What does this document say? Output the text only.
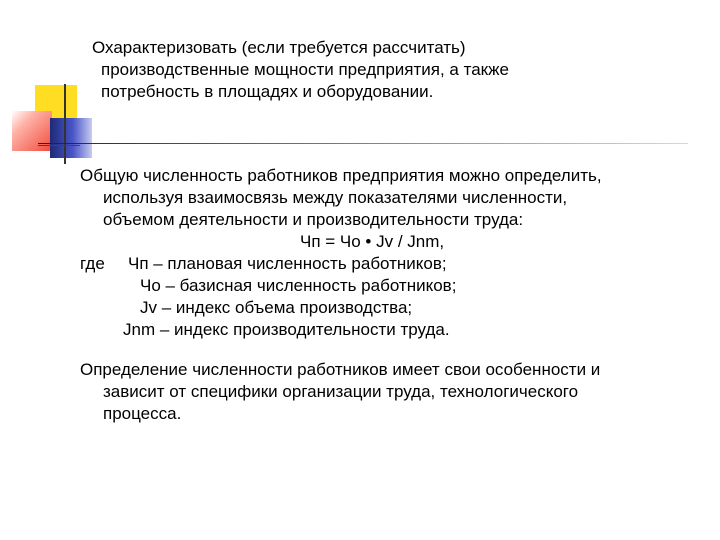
Охарактеризовать (если требуется рассчитать)
производственные мощности предприятия, а также
потребность в площадях и оборудовании.
Общую численность работников предприятия можно определить,
используя взаимосвязь между показателями численности,
объемом деятельности и производительности труда:
Чп = Чо • Jv / Jnm,
где Чп – плановая численность работников;
Чо – базисная численность работников;
Jv – индекс объема производства;
Jnm – индекс производительности труда.
Определение численности работников имеет свои особенности и
зависит от специфики организации труда, технологического
процесса.
